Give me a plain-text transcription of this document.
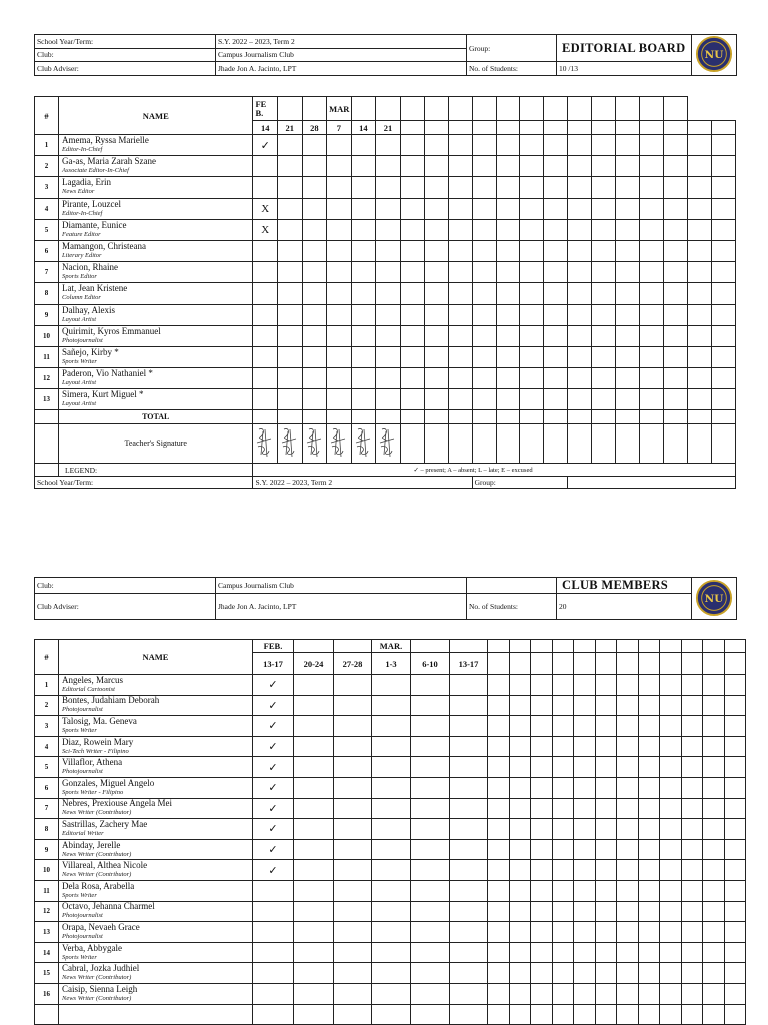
School Year/Term:	S.Y. 2022 – 2023, Term 2	Group:	EDITORIAL BOARD	NU

Club:	Campus Journalism Club			
Club Adviser:	Jhade Jon A. Jacinto, LPT	No. of Students:	10 /13	
#	NAME	FE B.			MAR																
		14	21	28	7	14	21														
1	Amema, Ryssa Marielle
Editor-In-Chief	✓																			
2	Ga-as, Maria Zarah Szane
Associate Editor-In-Chief																				

3	Lagadia, Erin
News Editor																				

4	Pirante, Louzcel
Editor-In-Chief	X																			
5	Diamante, Eunice
Feature Editor	X																			
6	Mamangon, Christeana
Literary Editor																				

7	Nacion, Rhaine
Sports Editor																				

8	Lat, Jean Kristene
Column Editor																				

9	Dalhay, Alexis
Layout Artist																				

10	Quirimit, Kyros Emmanuel
Photojournalist																				

11	Sañejo, Kirby *
Sports Writer																				

12	Paderon, Vio Nathaniel *
Layout Artist																				

13	Simera, Kurt Miguel *
Layout Artist																				

	TOTAL																				
	Teacher's Signature																				
	LEGEND:	✓ – present; A – absent; L – late; E – excused																			
School Year/Term:		S.Y. 2022 – 2023, Term 2									Group:										
Club:	Campus Journalism Club		CLUB MEMBERS	NU

Club Adviser:	Jhade Jon A. Jacinto, LPT	No. of Students:	20	
#	NAME	FEB.			MAR.														
		13-17	20-24	27-28	1-3	6-10	13-17												
1	Angeles, Marcus
Editorial Cartoonist	✓																	
2	Bontes, Judahiam Deborah
Photojournalist	✓																	
3	Talosig, Ma. Geneva
Sports Writer	✓																	
4	Diaz, Rowein Mary
Sci-Tech Writer - Filipino	✓																	
5	Villaflor, Athena
Photojournalist	✓																	
6	Gonzales, Miguel Angelo
Sports Writer - Filipino	✓																	
7	Nebres, Prexiouse Angela Mei
News Writer (Contributor)	✓																	
8	Sastrillas, Zachery Mae
Editorial Writer	✓																	
9	Abinday, Jerelle
News Writer (Contributor)	✓																	
10	Villareal, Althea Nicole
News Writer (Contributor)	✓																	
11	Dela Rosa, Arabella
Sports Writer																		

12	Octavo, Jehanna Charmel
Photojournalist																		

13	Orapa, Nevaeh Grace
Photojournalist																		

14	Verba, Abbygale
Sports Writer																		

15	Cabral, Jozka Judhiel
News Writer (Contributor)																		

16	Caisip, Sienna Leigh
News Writer (Contributor)																		
